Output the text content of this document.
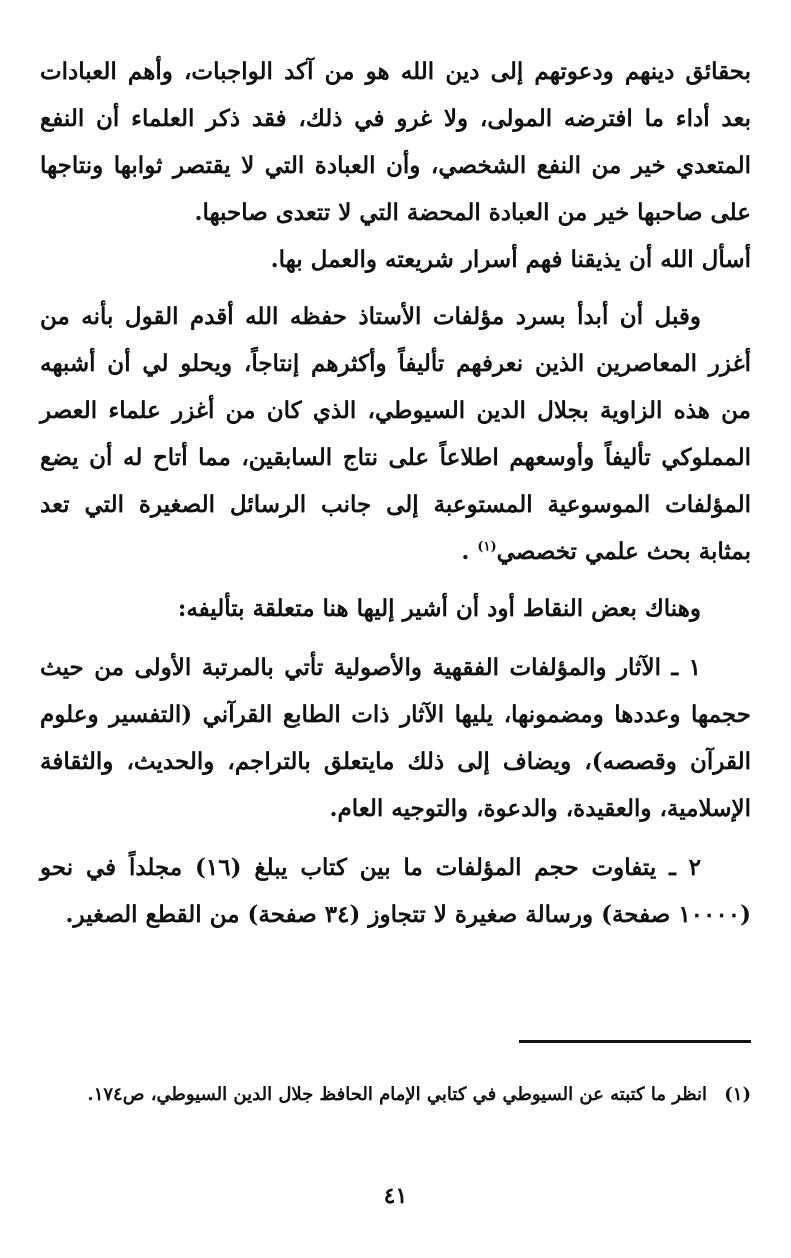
بحقائق دينهم ودعوتهم إلى دين الله هو من آكد الواجبات، وأهم العبادات بعد أداء ما افترضه المولى، ولا غرو في ذلك، فقد ذكر العلماء أن النفع المتعدي خير من النفع الشخصي، وأن العبادة التي لا يقتصر ثوابها ونتاجها على صاحبها خير من العبادة المحضة التي لا تتعدى صاحبها.

أسأل الله أن يذيقنا فهم أسرار شريعته والعمل بها.

وقبل أن أبدأ بسرد مؤلفات الأستاذ حفظه الله أقدم القول بأنه من أغزر المعاصرين الذين نعرفهم تأليفاً وأكثرهم إنتاجاً، ويحلو لي أن أشبهه من هذه الزاوية بجلال الدين السيوطي، الذي كان من أغزر علماء العصر المملوكي تأليفاً وأوسعهم اطلاعاً على نتاج السابقين، مما أتاح له أن يضع المؤلفات الموسوعية المستوعبة إلى جانب الرسائل الصغيرة التي تعد بمثابة بحث علمي تخصصي$^{(١)}$ .

وهناك بعض النقاط أود أن أشير إليها هنا متعلقة بتأليفه:

١ ـ الآثار والمؤلفات الفقهية والأصولية تأتي بالمرتبة الأولى من حيث حجمها وعددها ومضمونها، يليها الآثار ذات الطابع القرآني (التفسير وعلوم القرآن وقصصه)، ويضاف إلى ذلك مايتعلق بالتراجم، والحديث، والثقافة الإسلامية، والعقيدة، والدعوة، والتوجيه العام.

٢ ـ يتفاوت حجم المؤلفات ما بين كتاب يبلغ (١٦) مجلداً في نحو (١٠٠٠٠ صفحة) ورسالة صغيرة لا تتجاوز (٣٤ صفحة) من القطع الصغير.

(١)
انظر ما كتبته عن السيوطي في كتابي الإمام الحافظ جلال الدين السيوطي، ص١٧٤.
٤١
